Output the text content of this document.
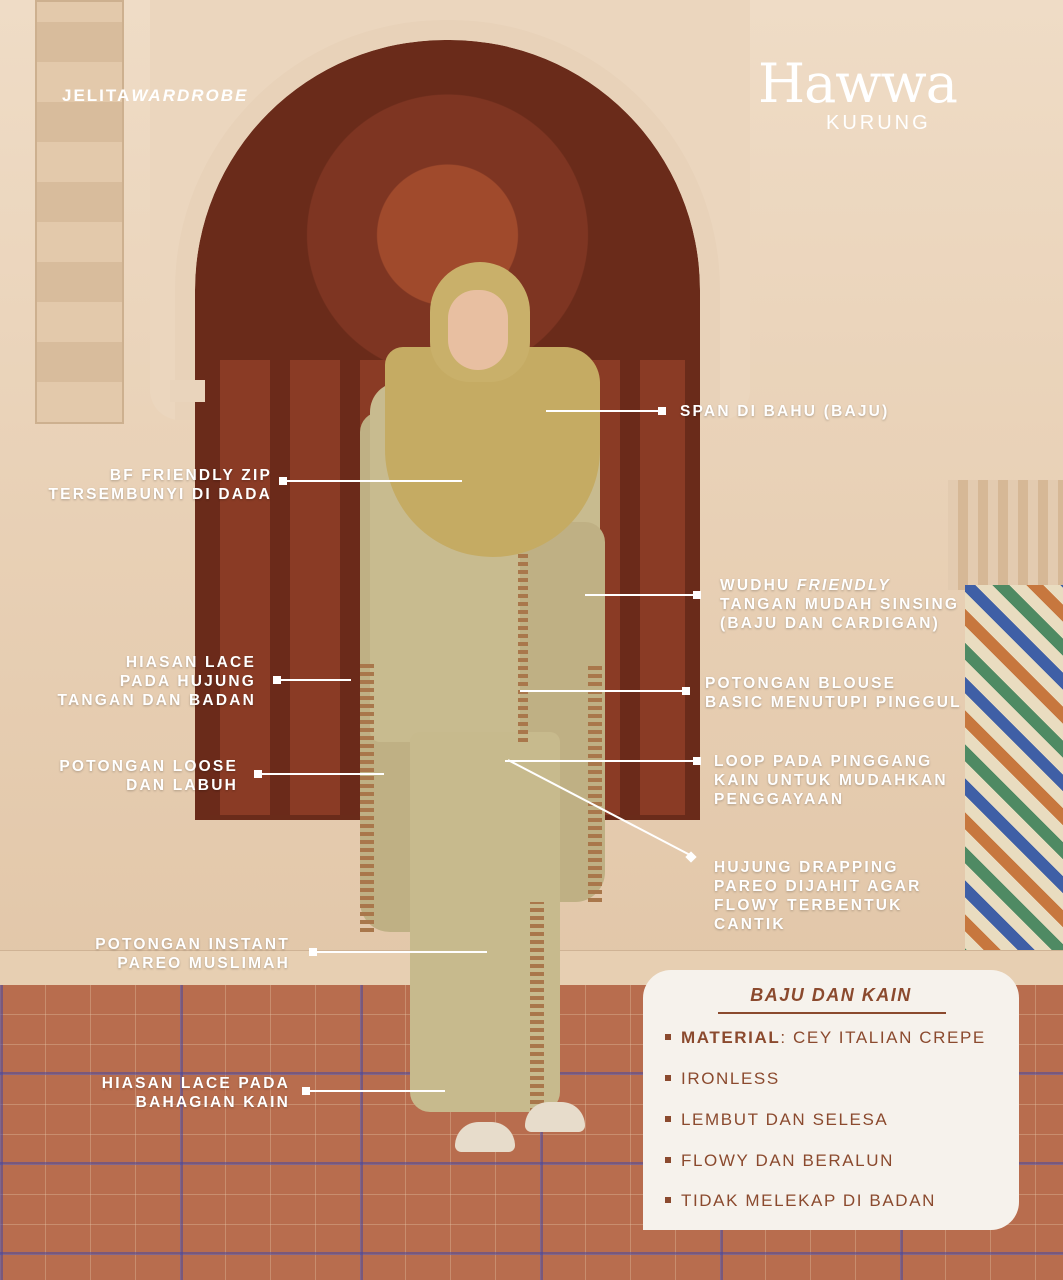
JELITAWARDROBE	Hawwa
KURUNG

SPAN DI BAHU (BAJU)

BF FRIENDLY ZIP

TERSEMBUNYI DI DADA

WUDHU FRIENDLY

TANGAN MUDAH SINSING

(BAJU DAN CARDIGAN)

HIASAN LACE

PADA HUJUNG

TANGAN DAN BADAN

POTONGAN BLOUSE

BASIC MENUTUPI PINGGUL

POTONGAN LOOSE

DAN LABUH

LOOP PADA PINGGANG

KAIN UNTUK MUDAHKAN

PENGGAYAAN

HUJUNG DRAPPING

PAREO DIJAHIT AGAR

FLOWY TERBENTUK

CANTIK

POTONGAN INSTANT

PAREO MUSLIMAH

HIASAN LACE PADA

BAHAGIAN KAIN

BAJU DAN KAIN
MATERIAL: CEY ITALIAN CREPE
IRONLESS
LEMBUT DAN SELESA
FLOWY DAN BERALUN
TIDAK MELEKAP DI BADAN
